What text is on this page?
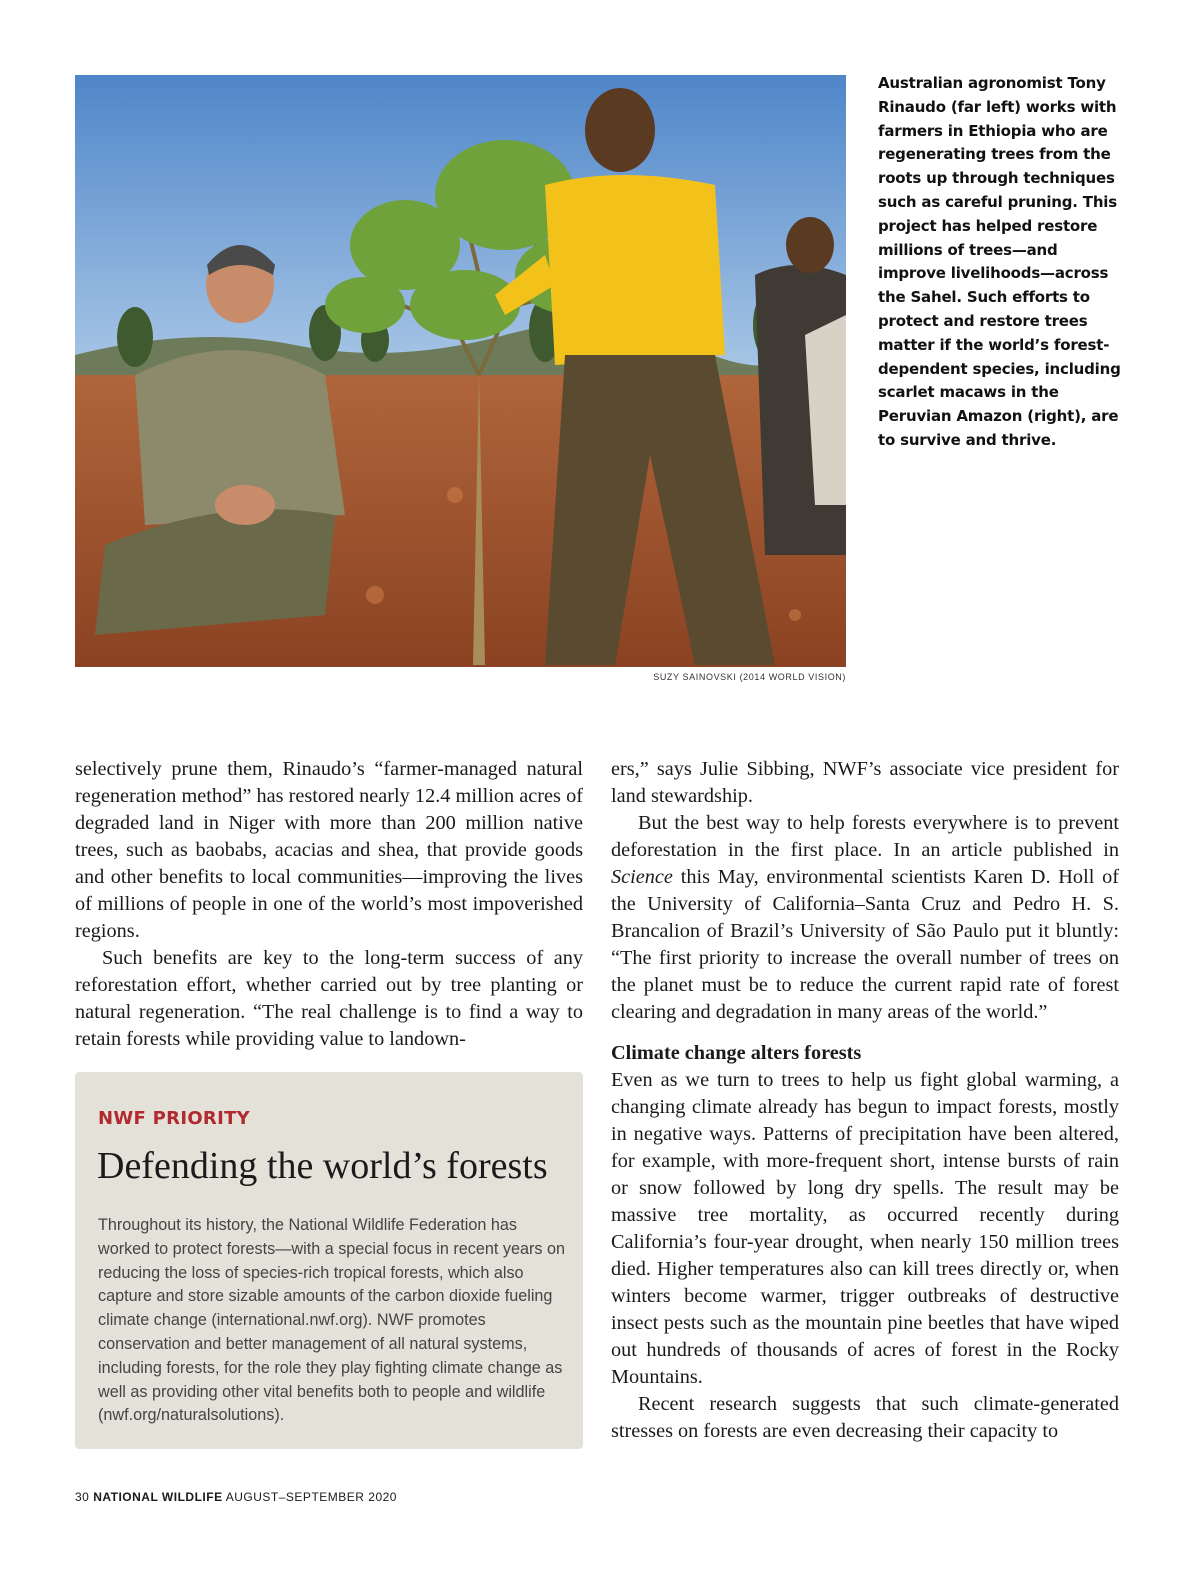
SUZY SAINOVSKI (2014 WORLD VISION)
Australian agronomist Tony Rinaudo (far left) works with farmers in Ethiopia who are regenerating trees from the roots up through techniques such as careful pruning. This project has helped restore millions of trees—and improve livelihoods—across the Sahel. Such efforts to protect and restore trees matter if the world’s forest-dependent species, including scarlet macaws in the Peruvian Amazon (right), are to survive and thrive.

selectively prune them, Rinaudo’s “farmer-managed natural regeneration method” has restored nearly 12.4 million acres of degraded land in Niger with more than 200 million native trees, such as baobabs, acacias and shea, that provide goods and other benefits to local communities—improving the lives of millions of people in one of the world’s most impoverished regions.

Such benefits are key to the long-term success of any reforestation effort, whether carried out by tree planting or natural regeneration. “The real challenge is to find a way to retain forests while providing value to landown-

NWF PRIORITY
Defending the world’s forests
Throughout its history, the National Wildlife Federation has worked to protect forests—with a special focus in recent years on reducing the loss of species-rich tropical forests, which also capture and store sizable amounts of the carbon dioxide fueling climate change (international.nwf.org). NWF promotes conservation and better management of all natural systems, including forests, for the role they play fighting climate change as well as providing other vital benefits both to people and wildlife (nwf.org/naturalsolutions).

ers,” says Julie Sibbing, NWF’s associate vice president for land stewardship.

But the best way to help forests everywhere is to prevent deforestation in the first place. In an article published in Science this May, environmental scientists Karen D. Holl of the University of California–Santa Cruz and Pedro H. S. Brancalion of Brazil’s University of São Paulo put it bluntly: “The first priority to increase the overall number of trees on the planet must be to reduce the current rapid rate of forest clearing and degradation in many areas of the world.”

Climate change alters forests

Even as we turn to trees to help us fight global warming, a changing climate already has begun to impact forests, mostly in negative ways. Patterns of precipitation have been altered, for example, with more-frequent short, intense bursts of rain or snow followed by long dry spells. The result may be massive tree mortality, as occurred recently during California’s four-year drought, when nearly 150 million trees died. Higher temperatures also can kill trees directly or, when winters become warmer, trigger outbreaks of destructive insect pests such as the mountain pine beetles that have wiped out hundreds of thousands of acres of forest in the Rocky Mountains.

Recent research suggests that such climate-generated stresses on forests are even decreasing their capacity to

30 NATIONAL WILDLIFE AUGUST–SEPTEMBER 2020
